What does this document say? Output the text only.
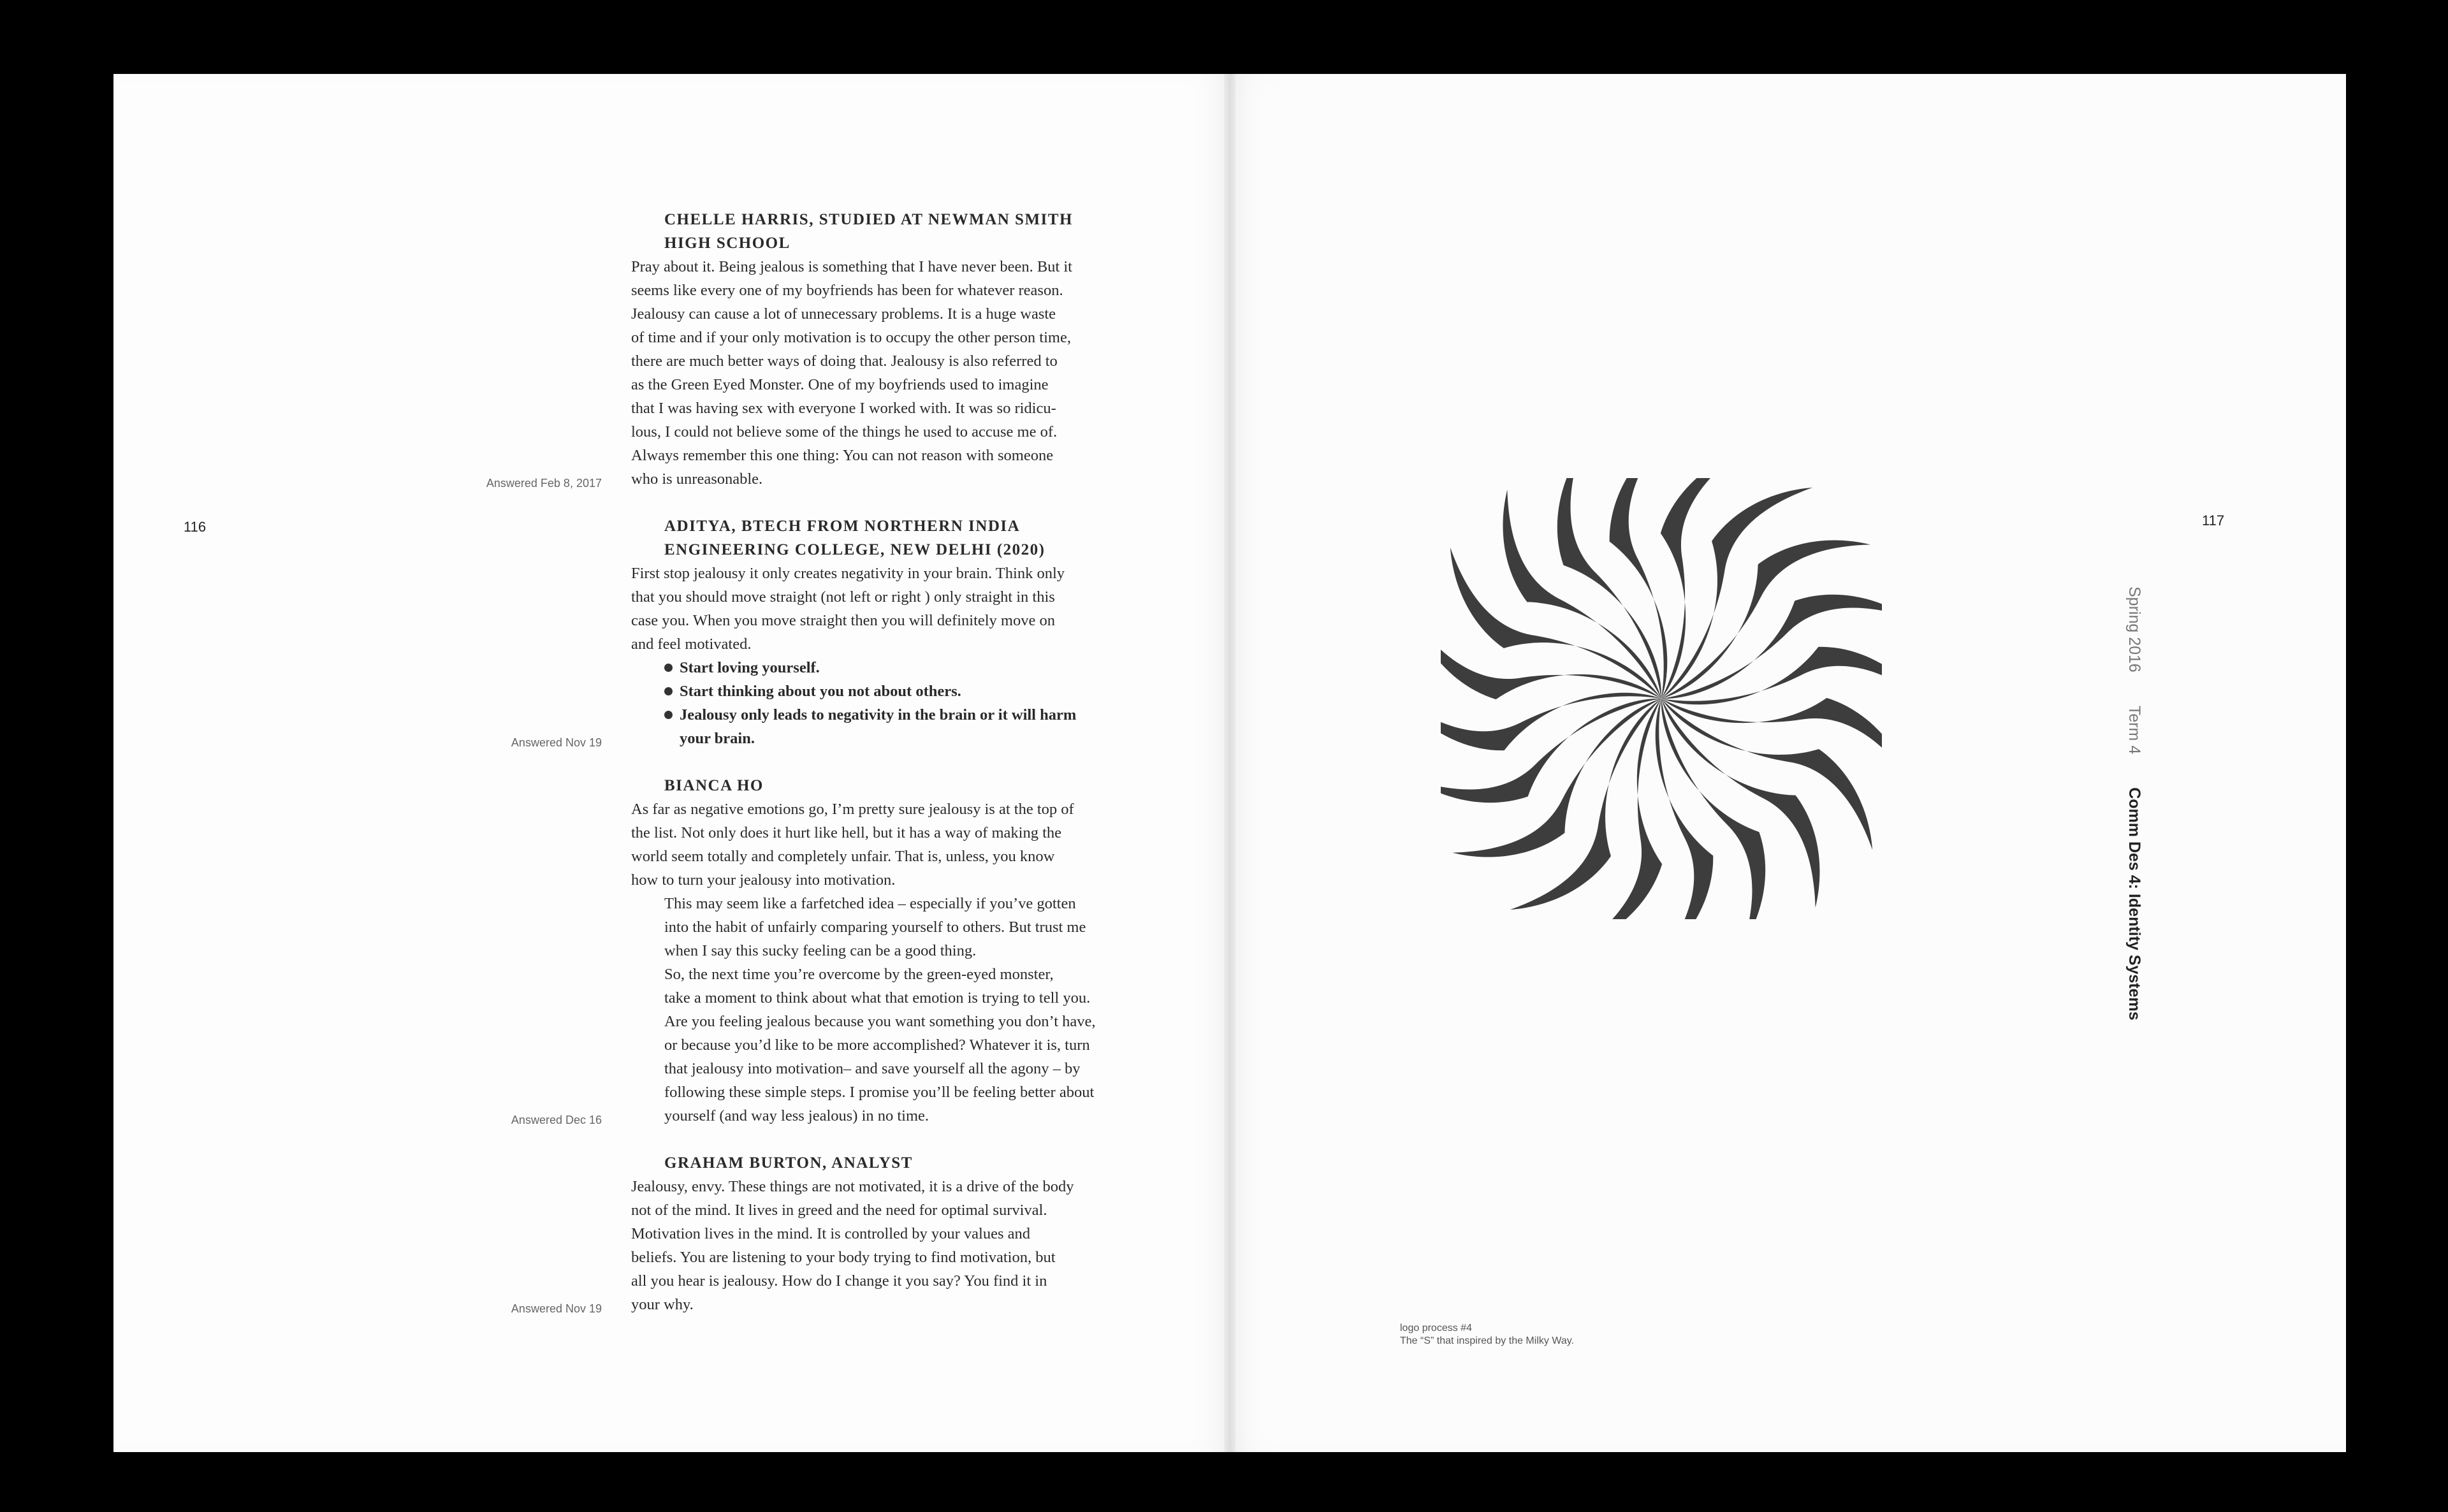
116
CHELLE HARRIS, STUDIED AT NEWMAN SMITH
HIGH SCHOOL

Pray about it. Being jealous is something that I have never been. But it
seems like every one of my boyfriends has been for whatever reason.
Jealousy can cause a lot of unnecessary problems. It is a huge waste
of time and if your only motivation is to occupy the other person time,
there are much better ways of doing that. Jealousy is also referred to
as the Green Eyed Monster. One of my boyfriends used to imagine
that I was having sex with everyone I worked with. It was so ridicu-
lous, I could not believe some of the things he used to accuse me of.
Always remember this one thing: You can not reason with someone
who is unreasonable.

Answered Feb 8, 2017
ADITYA, BTECH FROM NORTHERN INDIA
ENGINEERING COLLEGE, NEW DELHI (2020)

First stop jealousy it only creates negativity in your brain. Think only
that you should move straight (not left or right ) only straight in this
case you. When you move straight then you will definitely move on
and feel motivated.

Start loving yourself.
Start thinking about you not about others.
Jealousy only leads to negativity in the brain or it will harm
your brain.
Answered Nov 19
BIANCA HO

As far as negative emotions go, I’m pretty sure jealousy is at the top of
the list. Not only does it hurt like hell, but it has a way of making the
world seem totally and completely unfair. That is, unless, you know
how to turn your jealousy into motivation.

This may seem like a farfetched idea – especially if you’ve gotten
into the habit of unfairly comparing yourself to others. But trust me
when I say this sucky feeling can be a good thing.

So, the next time you’re overcome by the green-eyed monster,
take a moment to think about what that emotion is trying to tell you.
Are you feeling jealous because you want something you don’t have,
or because you’d like to be more accomplished? Whatever it is, turn
that jealousy into motivation– and save yourself all the agony – by
following these simple steps. I promise you’ll be feeling better about
yourself (and way less jealous) in no time.

Answered Dec 16
GRAHAM BURTON, ANALYST

Jealousy, envy. These things are not motivated, it is a drive of the body
not of the mind. It lives in greed and the need for optimal survival.
Motivation lives in the mind. It is controlled by your values and
beliefs. You are listening to your body trying to find motivation, but
all you hear is jealousy. How do I change it you say? You find it in
your why.

Answered Nov 19
117
Spring 2016Term 4Comm Des 4: Identity Systems
logo process #4
The “S” that inspired by the Milky Way.
